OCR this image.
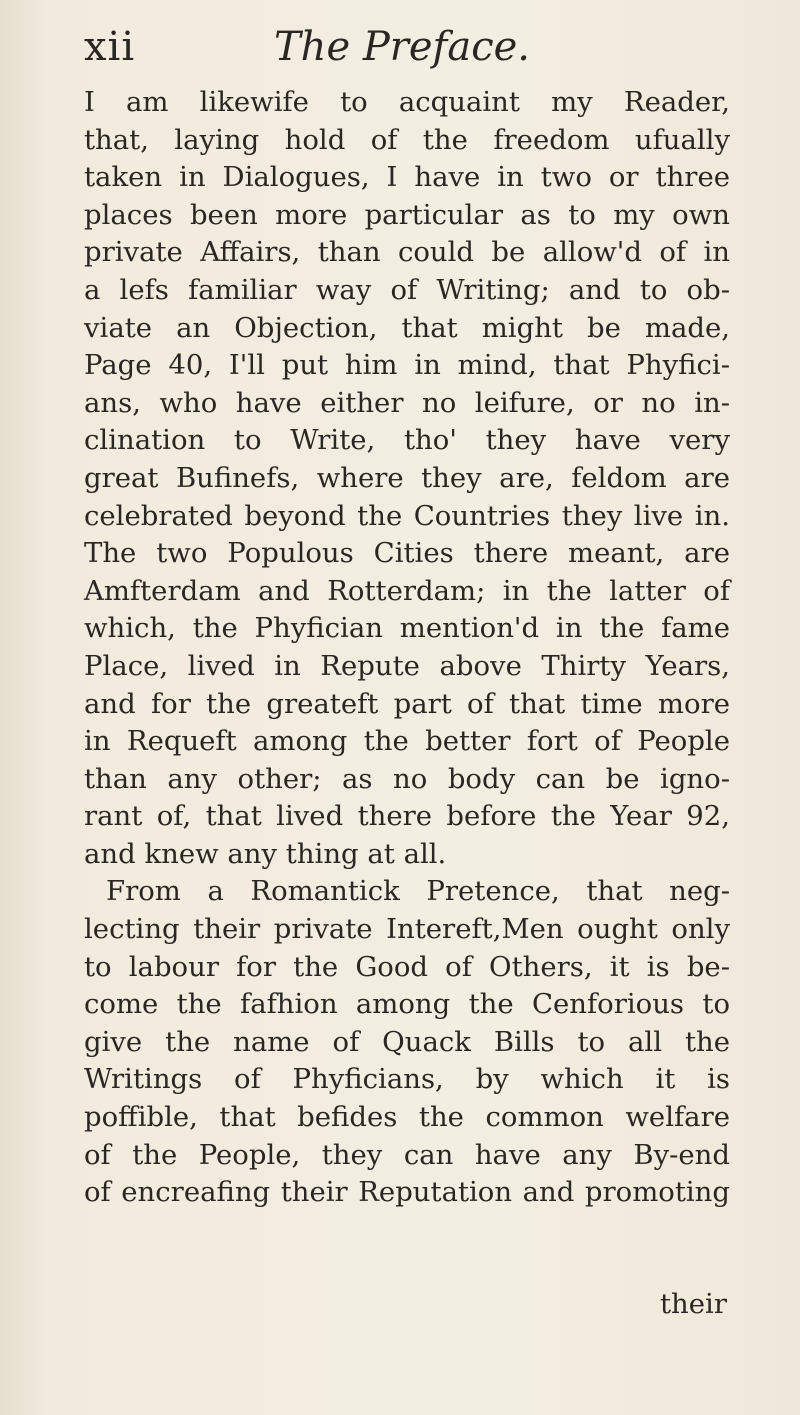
xii	The Preface.
I am likewife to acquaint my Reader,
that, laying hold of the freedom ufually
taken in Dialogues, I have in two or three
places been more particular as to my own
private Affairs, than could be allow'd of in
a lefs familiar way of Writing; and to ob-
viate an Objection, that might be made,
Page 40, I'll put him in mind, that Phyfici-
ans, who have either no leifure, or no in-
clination to Write, tho' they have very
great Bufinefs, where they are, feldom are
celebrated beyond the Countries they live in.
The two Populous Cities there meant, are
Amfterdam and Rotterdam; in the latter of
which, the Phyfician mention'd in the fame
Place, lived in Repute above Thirty Years,
and for the greateft part of that time more
in Requeft among the better fort of People
than any other; as no body can be igno-
rant of, that lived there before the Year 92,
and knew any thing at all.
From a Romantick Pretence, that neg-
lecting their private Intereft,Men ought only
to labour for the Good of Others, it is be-
come the fafhion among the Cenforious to
give the name of Quack Bills to all the
Writings of Phyficians, by which it is
poffible, that befides the common welfare
of the People, they can have any By-end
of encreafing their Reputation and promoting
their
